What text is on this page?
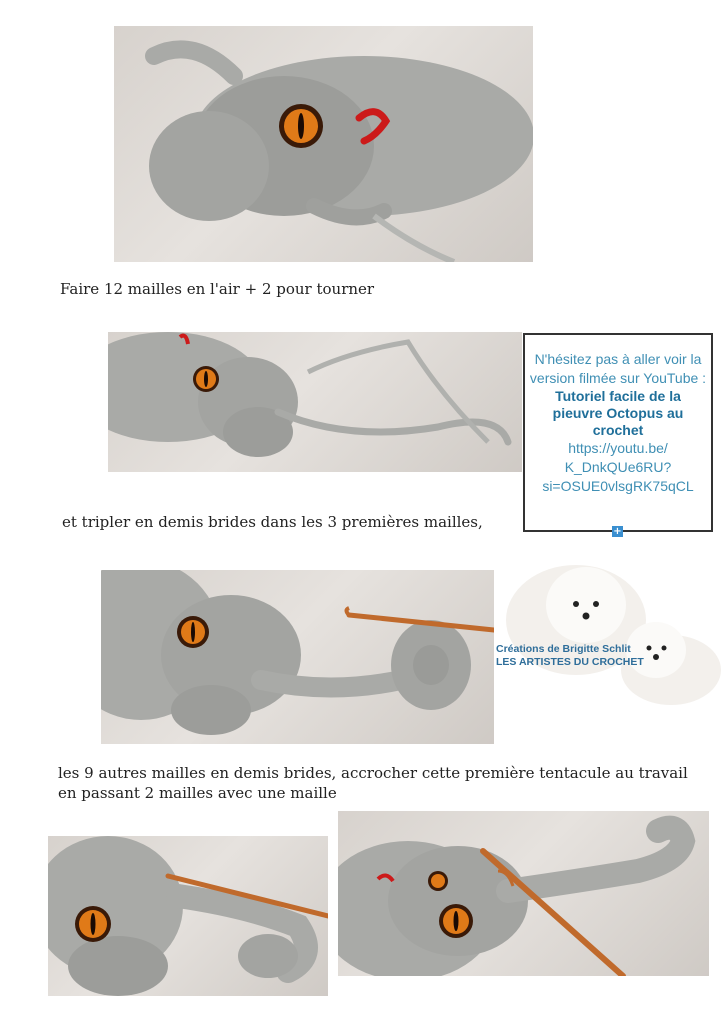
Faire 12 mailles en l'air + 2 pour tourner

N'hésitez pas à aller voir la
version filmée sur YouTube :
Tutoriel facile de la
pieuvre Octopus au
crochet
https://youtu.be/
K_DnkQUe6RU?
si=OSUE0vlsgRK75qCL
+

et tripler en demis brides dans les 3 premières mailles,

Créations de Brigitte Schlit
LES ARTISTES DU CROCHET

les 9 autres mailles en demis brides, accrocher cette première tentacule au travail

en passant 2 mailles avec une maille
